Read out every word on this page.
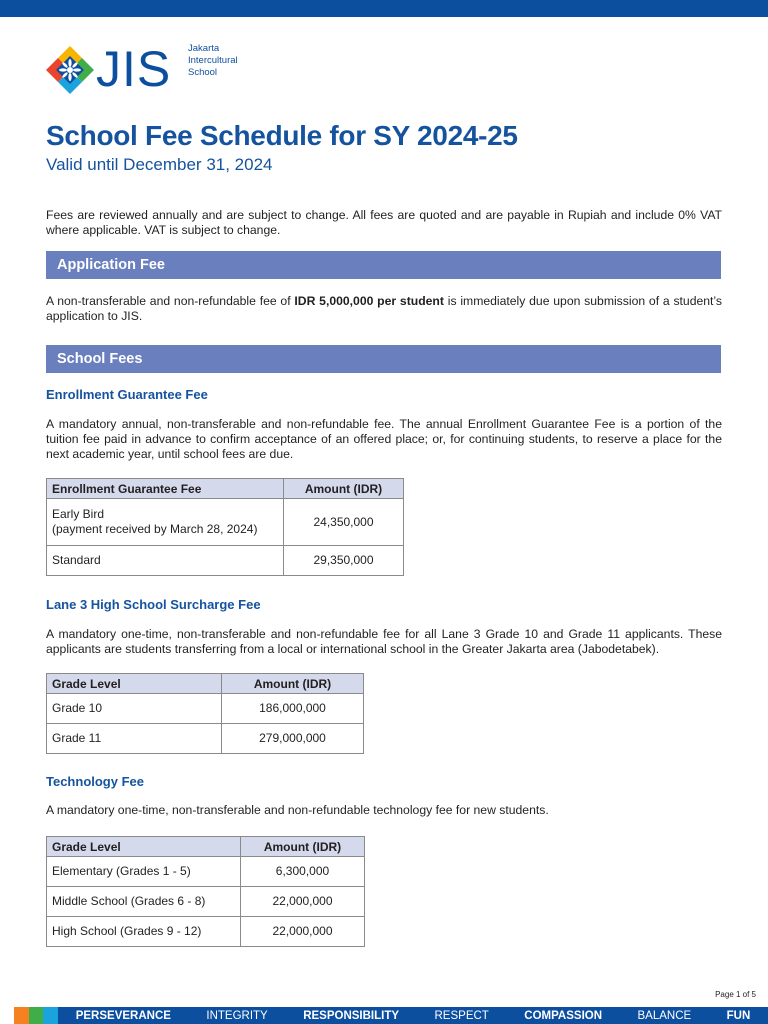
JIS Jakarta
Intercultural
School
School Fee Schedule for SY 2024-25
Valid until December 31, 2024
Fees are reviewed annually and are subject to change. All fees are quoted and are payable in Rupiah and include 0% VAT where applicable. VAT is subject to change.
Application Fee
A non-transferable and non-refundable fee of IDR 5,000,000 per student is immediately due upon submission of a student’s application to JIS.
School Fees
Enrollment Guarantee Fee
A mandatory annual, non-transferable and non-refundable fee. The annual Enrollment Guarantee Fee is a portion of the tuition fee paid in advance to confirm acceptance of an offered place; or, for continuing students, to reserve a place for the next academic year, until school fees are due.
Enrollment Guarantee Fee	Amount (IDR)

Early Bird
(payment received by March 28, 2024)	24,350,000
Standard	29,350,000
Lane 3 High School Surcharge Fee
A mandatory one-time, non-transferable and non-refundable fee for all Lane 3 Grade 10 and Grade 11 applicants. These applicants are students transferring from a local or international school in the Greater Jakarta area (Jabodetabek).
Grade Level	Amount (IDR)
Grade 10	186,000,000
Grade 11	279,000,000
Technology Fee
A mandatory one-time, non-transferable and non-refundable technology fee for new students.
Grade Level	Amount (IDR)
Elementary (Grades 1 - 5)	6,300,000
Middle School (Grades 6 - 8)	22,000,000
High School (Grades 9 - 12)	22,000,000
Page 1 of 5
PERSEVERANCE	INTEGRITY	RESPONSIBILITY	RESPECT	COMPASSION	BALANCE	FUN
